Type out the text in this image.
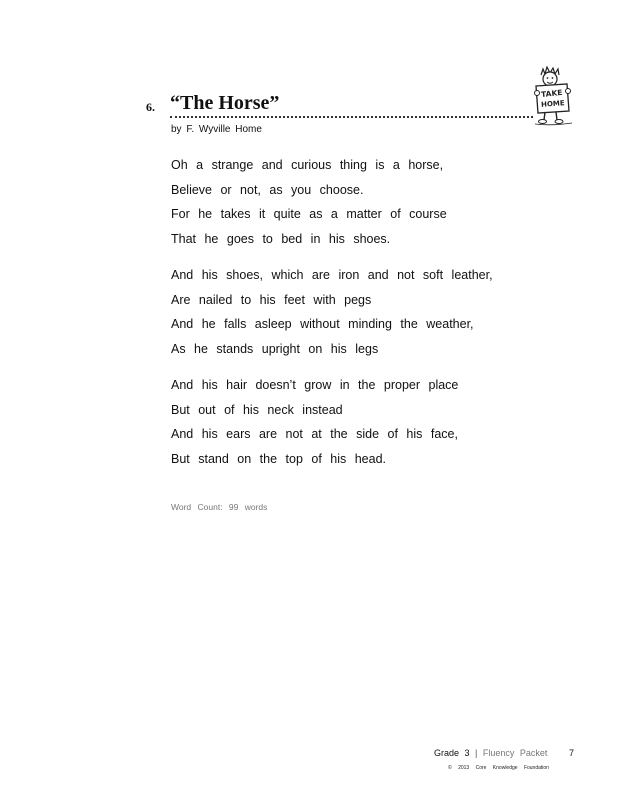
6. “The Horse”
by F. Wyville Home
Oh a strange and curious thing is a horse,
Believe or not, as you choose.
For he takes it quite as a matter of course
That he goes to bed in his shoes.
And his shoes, which are iron and not soft leather,
Are nailed to his feet with pegs
And he falls asleep without minding the weather,
As he stands upright on his legs
And his hair doesn’t grow in the proper place
But out of his neck instead
And his ears are not at the side of his face,
But stand on the top of his head.
Word Count: 99 words
Grade 3 | Fluency Packet 7
© 2013 Core Knowledge Foundation
TAKE
HOME
